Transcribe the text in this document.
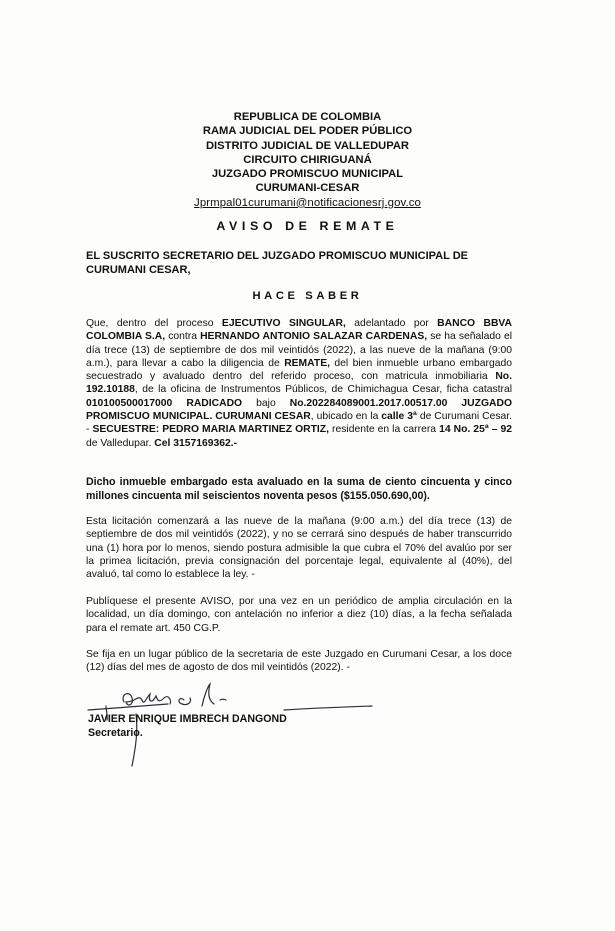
REPUBLICA DE COLOMBIA
RAMA JUDICIAL DEL PODER PÚBLICO
DISTRITO JUDICIAL DE VALLEDUPAR
CIRCUITO CHIRIGUANÁ
JUZGADO PROMISCUO MUNICIPAL
CURUMANI-CESAR
Jprmpal01curumani@notificacionesrj.gov.co
AVISO DE REMATE
EL SUSCRITO SECRETARIO DEL JUZGADO PROMISCUO MUNICIPAL DE CURUMANI CESAR,
HACE SABER
Que, dentro del proceso EJECUTIVO SINGULAR, adelantado por BANCO BBVA COLOMBIA S.A, contra HERNANDO ANTONIO SALAZAR CARDENAS, se ha señalado el día trece (13) de septiembre de dos mil veintidós (2022), a las nueve de la mañana (9:00 a.m.), para llevar a cabo la diligencia de REMATE, del bien inmueble urbano embargado secuestrado y avaluado dentro del referido proceso, con matricula inmobiliaria No. 192.10188, de la oficina de Instrumentos Públicos, de Chimichagua Cesar, ficha catastral 010100500017000 RADICADO bajo No.202284089001.2017.00517.00 JUZGADO PROMISCUO MUNICIPAL. CURUMANI CESAR, ubicado en la calle 3ª de Curumani Cesar. - SECUESTRE: PEDRO MARIA MARTINEZ ORTIZ, residente en la carrera 14 No. 25ª – 92 de Valledupar. Cel 3157169362.-
Dicho inmueble embargado esta avaluado en la suma de ciento cincuenta y cinco millones cincuenta mil seiscientos noventa pesos ($155.050.690,00).
Esta licitación comenzará a las nueve de la mañana (9:00 a.m.) del día trece (13) de septiembre de dos mil veintidós (2022), y no se cerrará sino después de haber transcurrido una (1) hora por lo menos, siendo postura admisible la que cubra el 70% del avalúo por ser la primea licitación, previa consignación del porcentaje legal, equivalente al (40%), del avaluó, tal como lo establece la ley. -
Publíquese el presente AVISO, por una vez en un periódico de amplia circulación en la localidad, un día domingo, con antelación no inferior a diez (10) días, a la fecha señalada para el remate art. 450 CG.P.
Se fija en un lugar público de la secretaria de este Juzgado en Curumani Cesar, a los doce (12) días del mes de agosto de dos mil veintidós (2022). -
JAVIER ENRIQUE IMBRECH DANGOND
Secretario.
